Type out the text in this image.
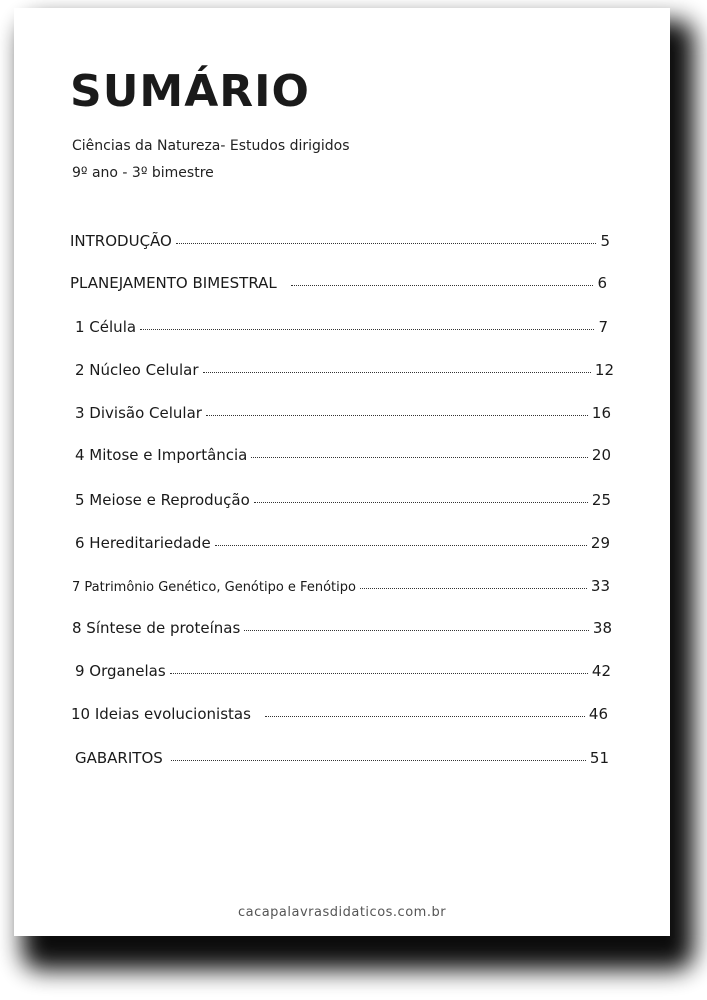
SUMÁRIO
Ciências da Natureza- Estudos dirigidos
9º ano - 3º bimestre
INTRODUÇÃO	5
PLANEJAMENTO BIMESTRAL	6
1 Célula	7
2 Núcleo Celular	12
3 Divisão Celular	16
4 Mitose e Importância	20
5 Meiose e Reprodução	25
6 Hereditariedade	29
7 Patrimônio Genético, Genótipo e Fenótipo	33
8 Síntese de proteínas	38
9 Organelas	42
10 Ideias evolucionistas	46
GABARITOS	51
cacapalavrasdidaticos.com.br
